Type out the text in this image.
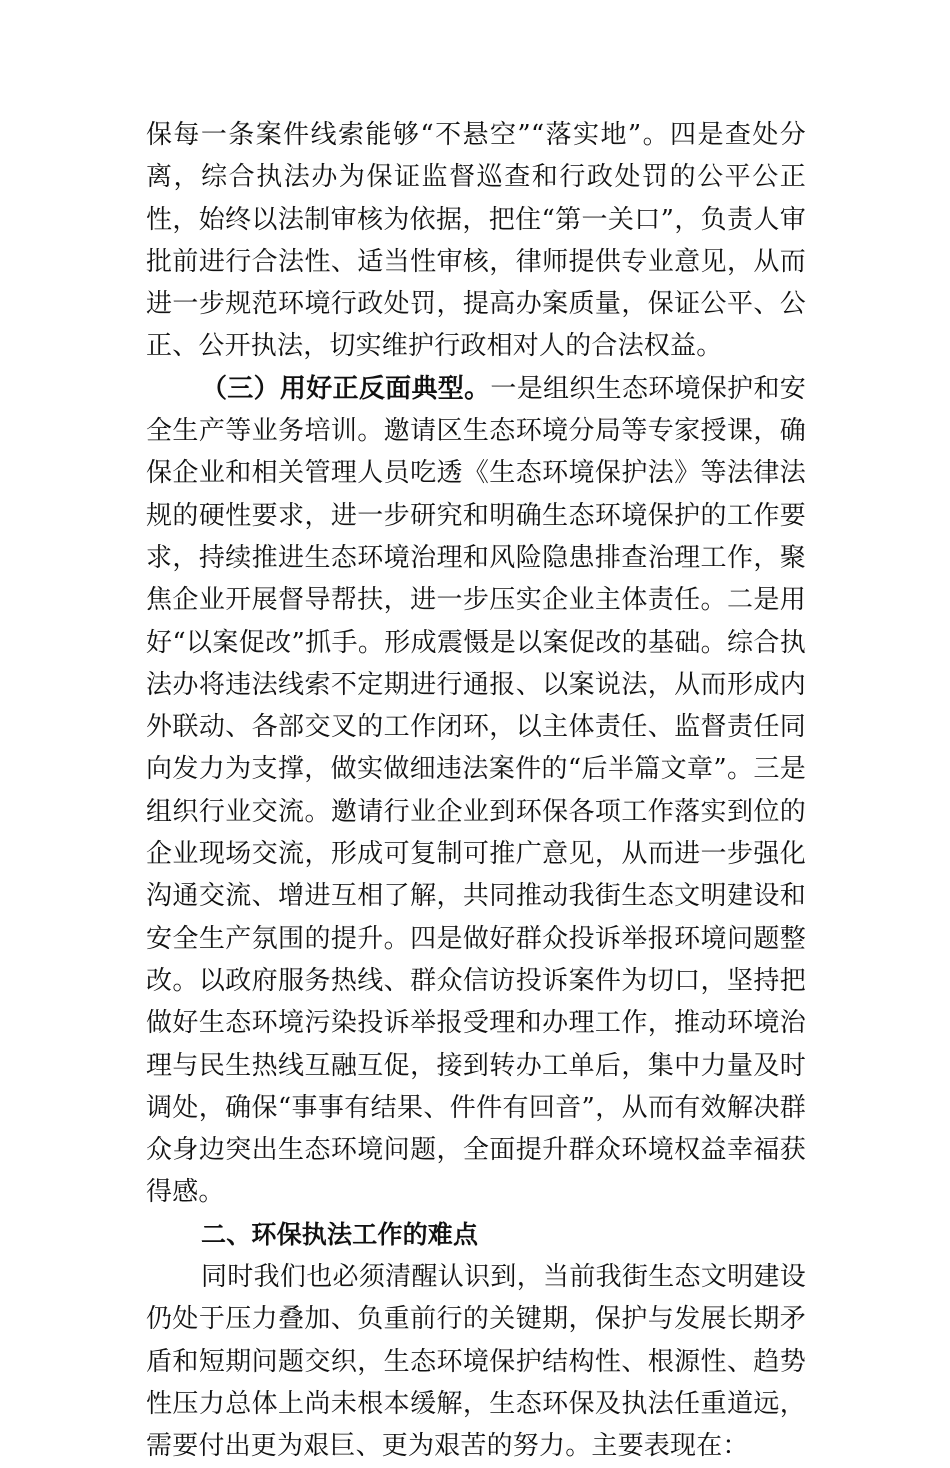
保每一条案件线索能够“不悬空”“落实地”。四是查处分离，综合执法办为保证监督巡查和行政处罚的公平公正性，始终以法制审核为依据，把住“第一关口”，负责人审批前进行合法性、适当性审核，律师提供专业意见，从而进一步规范环境行政处罚，提高办案质量，保证公平、公正、公开执法，切实维护行政相对人的合法权益。

（三）用好正反面典型。一是组织生态环境保护和安全生产等业务培训。邀请区生态环境分局等专家授课，确保企业和相关管理人员吃透《生态环境保护法》等法律法规的硬性要求，进一步研究和明确生态环境保护的工作要求，持续推进生态环境治理和风险隐患排查治理工作，聚焦企业开展督导帮扶，进一步压实企业主体责任。二是用好“以案促改”抓手。形成震慑是以案促改的基础。综合执法办将违法线索不定期进行通报、以案说法，从而形成内外联动、各部交叉的工作闭环，以主体责任、监督责任同向发力为支撑，做实做细违法案件的“后半篇文章”。三是组织行业交流。邀请行业企业到环保各项工作落实到位的企业现场交流，形成可复制可推广意见，从而进一步强化沟通交流、增进互相了解，共同推动我街生态文明建设和安全生产氛围的提升。四是做好群众投诉举报环境问题整改。以政府服务热线、群众信访投诉案件为切口，坚持把做好生态环境污染投诉举报受理和办理工作，推动环境治理与民生热线互融互促，接到转办工单后，集中力量及时调处，确保“事事有结果、件件有回音”，从而有效解决群众身边突出生态环境问题，全面提升群众环境权益幸福获得感。

二、环保执法工作的难点

同时我们也必须清醒认识到，当前我街生态文明建设仍处于压力叠加、负重前行的关键期，保护与发展长期矛盾和短期问题交织，生态环境保护结构性、根源性、趋势性压力总体上尚未根本缓解，生态环保及执法任重道远，需要付出更为艰巨、更为艰苦的努力。主要表现在：
